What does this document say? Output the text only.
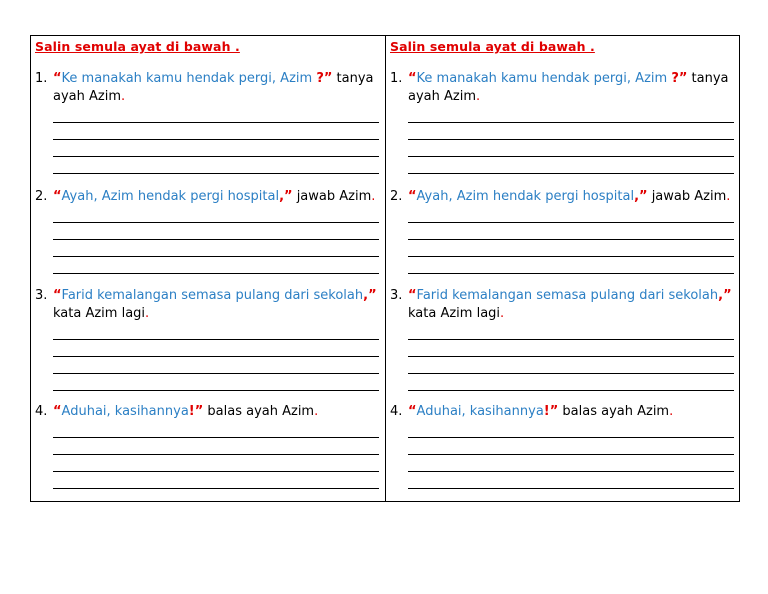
Salin semula ayat di bawah .
1. “Ke manakah kamu hendak pergi, Azim ?” tanya ayah Azim.
2. “Ayah, Azim hendak pergi hospital,” jawab Azim.
3. “Farid kemalangan semasa pulang dari sekolah,” kata Azim lagi.
4. “Aduhai, kasihannya!” balas ayah Azim.
Salin semula ayat di bawah .
1. “Ke manakah kamu hendak pergi, Azim ?” tanya ayah Azim.
2. “Ayah, Azim hendak pergi hospital,” jawab Azim.
3. “Farid kemalangan semasa pulang dari sekolah,” kata Azim lagi.
4. “Aduhai, kasihannya!” balas ayah Azim.
